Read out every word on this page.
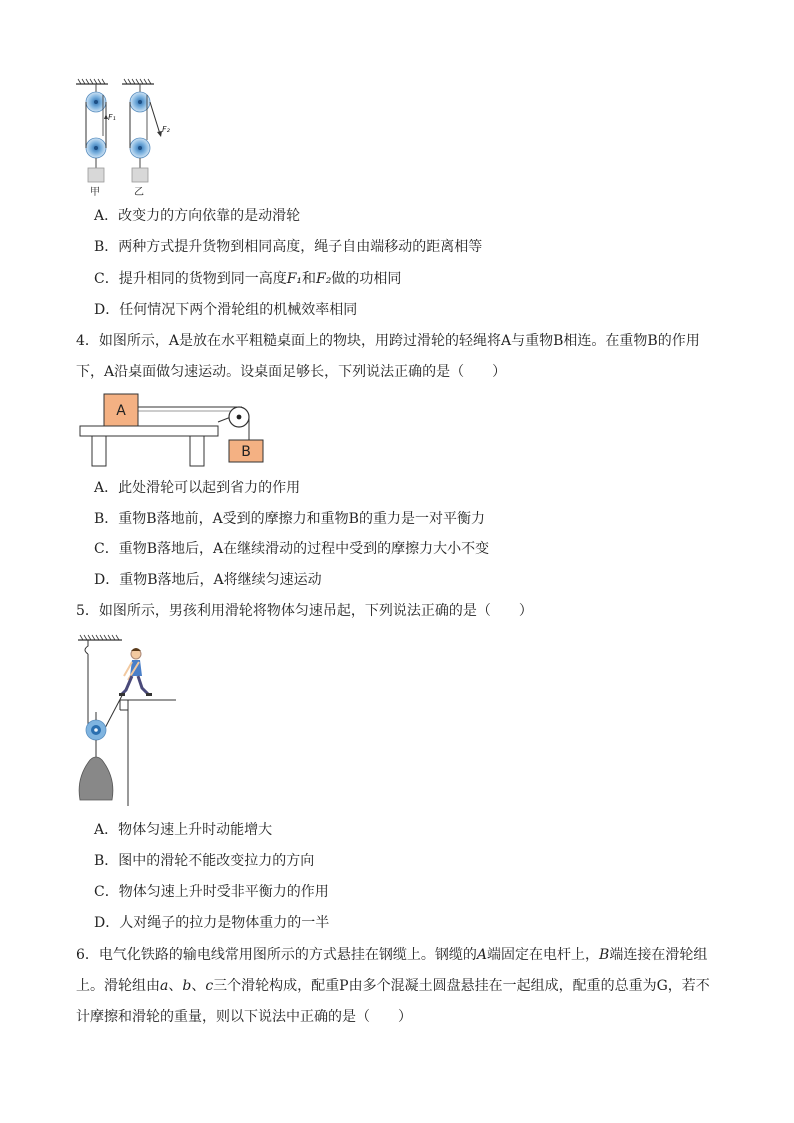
F₁
甲
F₂
乙
A．改变力的方向依靠的是动滑轮
B．两种方式提升货物到相同高度，绳子自由端移动的距离相等
C．提升相同的货物到同一高度F₁和F₂做的功相同
D．任何情况下两个滑轮组的机械效率相同
4．如图所示，A是放在水平粗糙桌面上的物块，用跨过滑轮的轻绳将A与重物B相连。在重物B的作用
下，A沿桌面做匀速运动。设桌面足够长，下列说法正确的是（　　）
A
B
A．此处滑轮可以起到省力的作用
B．重物B落地前，A受到的摩擦力和重物B的重力是一对平衡力
C．重物B落地后，A在继续滑动的过程中受到的摩擦力大小不变
D．重物B落地后，A将继续匀速运动
5．如图所示，男孩利用滑轮将物体匀速吊起，下列说法正确的是（　　）
A．物体匀速上升时动能增大
B．图中的滑轮不能改变拉力的方向
C．物体匀速上升时受非平衡力的作用
D．人对绳子的拉力是物体重力的一半
6．电气化铁路的输电线常用图所示的方式悬挂在钢缆上。钢缆的A端固定在电杆上，B端连接在滑轮组
上。滑轮组由a、b、c三个滑轮构成，配重P由多个混凝土圆盘悬挂在一起组成，配重的总重为G，若不
计摩擦和滑轮的重量，则以下说法中正确的是（　　）
